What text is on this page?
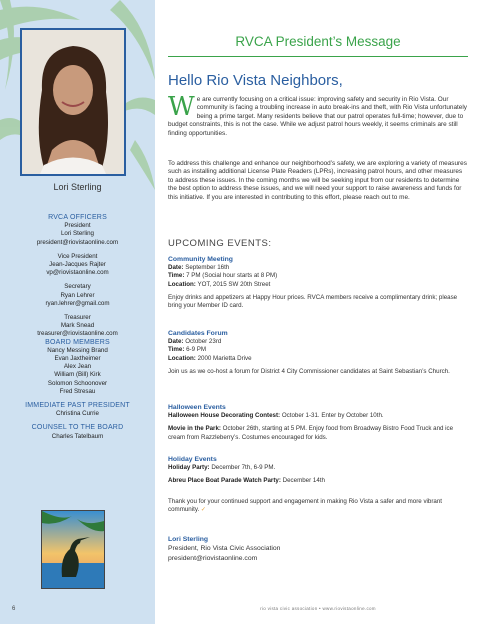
Lori Sterling
RVCA OFFICERS
President
Lori Sterling
president@riovistaonline.com
Vice President
Jean-Jacques Rajter
vp@riovistaonline.com
Secretary
Ryan Lehrer
ryan.lehrer@gmail.com
Treasurer
Mark Snead
treasurer@riovistaonline.com
BOARD MEMBERS
Nancy Messing Brand
Evan Jaxtheimer
Alex Jean
William (Bill) Kirk
Solomon Schoonover
Fred Stresau
IMMEDIATE PAST PRESIDENT
Christina Currie
COUNSEL TO THE BOARD
Charles Tatelbaum
6
RVCA President’s Message
Hello Rio Vista Neighbors,
We are currently focusing on a critical issue: improving safety and security in Rio Vista. Our community is facing a troubling increase in auto break-ins and theft, with Rio Vista unfortunately being a prime target. Many residents believe that our patrol operates full-time; however, due to budget constraints, this is not the case. While we adjust patrol hours weekly, it seems criminals are still finding opportunities.
To address this challenge and enhance our neighborhood’s safety, we are exploring a variety of measures such as installing additional License Plate Readers (LPRs), increasing patrol hours, and other measures to address these issues. In the coming months we will be seeking input from our residents to determine the best option to address these issues, and we will need your support to raise awareness and funds for this initiative. If you are interested in contributing to this effort, please reach out to me.
UPCOMING EVENTS:
Community Meeting
Date: September 16th
Time: 7 PM (Social hour starts at 8 PM)
Location: YOT, 2015 SW 20th Street
Enjoy drinks and appetizers at Happy Hour prices. RVCA members receive a complimentary drink; please bring your Member ID card.
Candidates Forum
Date: October 23rd
Time: 6-9 PM
Location: 2000 Marietta Drive
Join us as we co-host a forum for District 4 City Commissioner candidates at Saint Sebastian’s Church.
Halloween Events
Halloween House Decorating Contest: October 1-31. Enter by October 10th.
Movie in the Park: October 26th, starting at 5 PM. Enjoy food from Broadway Bistro Food Truck and ice cream from Razzleberry’s. Costumes encouraged for kids.
Holiday Events
Holiday Party: December 7th, 6-9 PM.
Abreu Place Boat Parade Watch Party: December 14th
Thank you for your continued support and engagement in making Rio Vista a safer and more vibrant community. ✓
Lori Sterling
President, Rio Vista Civic Association
president@riovistaonline.com
rio vista civic association • www.riovistaonline.com
